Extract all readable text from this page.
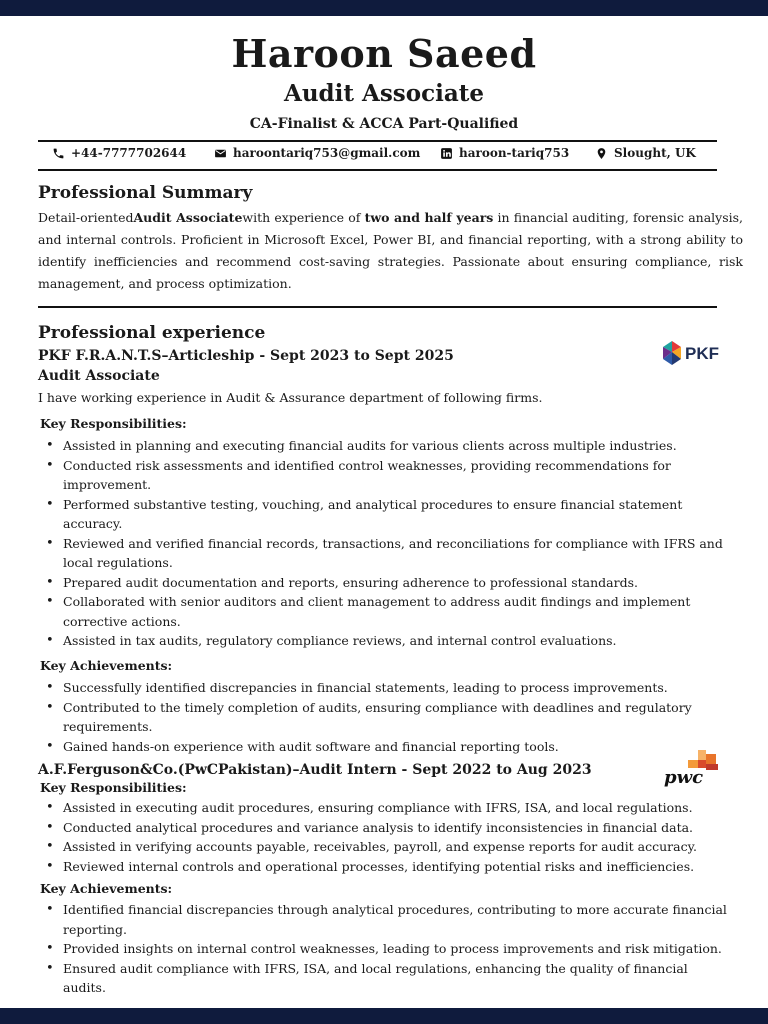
Haroon Saeed
Audit Associate
CA-Finalist & ACCA Part-Qualified
+44-7777702644	haroontariq753@gmail.com	haroon-tariq753	Slought, UK
Professional Summary
Detail-orientedAudit Associatewith experience of two and half years in financial auditing, forensic analysis, and internal controls. Proficient in Microsoft Excel, Power BI, and financial reporting, with a strong ability to identify inefficiencies and recommend cost-saving strategies. Passionate about ensuring compliance, risk management, and process optimization.
Professional experience
PKF F.R.A.N.T.S–Articleship - Sept 2023 to Sept 2025
Audit Associate
PKF
I have working experience in Audit & Assurance department of following firms.
Key Responsibilities:
• Assisted in planning and executing financial audits for various clients across multiple industries.
• Conducted risk assessments and identified control weaknesses, providing recommendations for improvement.
• Performed substantive testing, vouching, and analytical procedures to ensure financial statement accuracy.
• Reviewed and verified financial records, transactions, and reconciliations for compliance with IFRS and local regulations.
• Prepared audit documentation and reports, ensuring adherence to professional standards.
• Collaborated with senior auditors and client management to address audit findings and implement corrective actions.
• Assisted in tax audits, regulatory compliance reviews, and internal control evaluations.
Key Achievements:
• Successfully identified discrepancies in financial statements, leading to process improvements.
• Contributed to the timely completion of audits, ensuring compliance with deadlines and regulatory requirements.
• Gained hands-on experience with audit software and financial reporting tools.
A.F.Ferguson&Co.(PwCPakistan)–Audit Intern - Sept 2022 to Aug 2023	pwc
Key Responsibilities:
• Assisted in executing audit procedures, ensuring compliance with IFRS, ISA, and local regulations.
• Conducted analytical procedures and variance analysis to identify inconsistencies in financial data.
• Assisted in verifying accounts payable, receivables, payroll, and expense reports for audit accuracy.
• Reviewed internal controls and operational processes, identifying potential risks and inefficiencies.
Key Achievements:
• Identified financial discrepancies through analytical procedures, contributing to more accurate financial reporting.
• Provided insights on internal control weaknesses, leading to process improvements and risk mitigation.
• Ensured audit compliance with IFRS, ISA, and local regulations, enhancing the quality of financial audits.
